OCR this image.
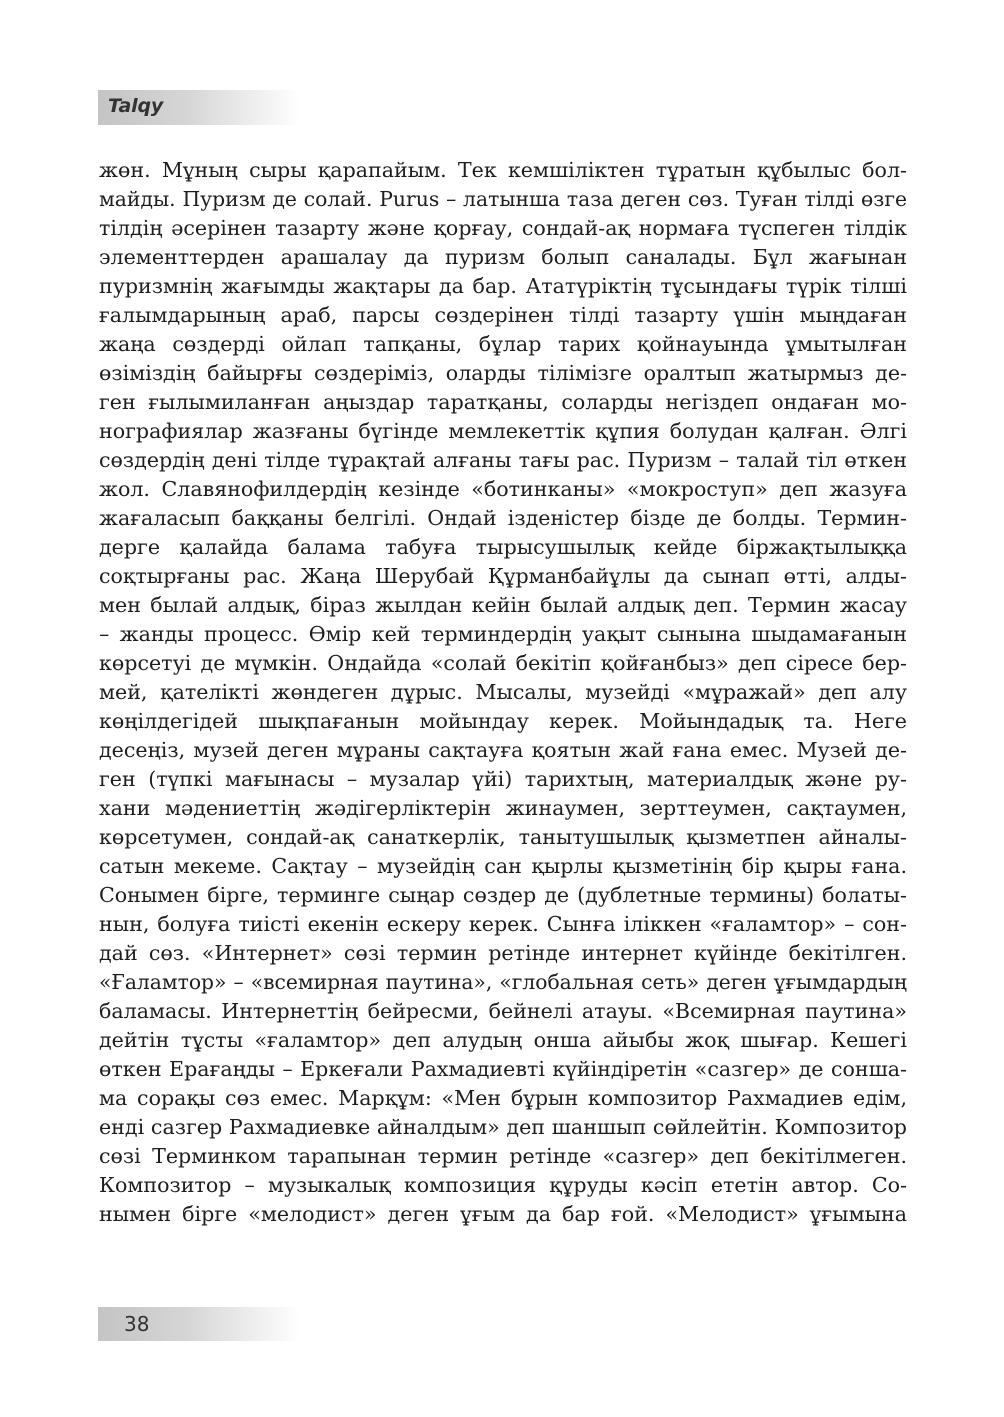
Talqy
жөн. Мұның сыры қарапайым. Тек кемшіліктен тұратын құбылыс бол-
майды. Пуризм де солай. Purus – латынша таза деген сөз. Туған тілді өзге
тілдің әсерінен тазарту және қорғау, сондай-ақ нормаға түспеген тілдік
элементтерден арашалау да пуризм болып саналады. Бұл жағынан
пуризмнің жағымды жақтары да бар. Ататүріктің тұсындағы түрік тілші
ғалымдарының араб, парсы сөздерінен тілді тазарту үшін мыңдаған
жаңа сөздерді ойлап тапқаны, бұлар тарих қойнауында ұмытылған
өзіміздің байырғы сөздеріміз, оларды тілімізге оралтып жатырмыз де-
ген ғылымиланған аңыздар таратқаны, соларды негіздеп ондаған мо-
нографиялар жазғаны бүгінде мемлекеттік құпия болудан қалған. Әлгі
сөздердің дені тілде тұрақтай алғаны тағы рас. Пуризм – талай тіл өткен
жол. Славянофилдердің кезінде «ботинканы» «мокроступ» деп жазуға
жағаласып баққаны белгілі. Ондай ізденістер бізде де болды. Термин-
дерге қалайда балама табуға тырысушылық кейде біржақтылыққа
соқтырғаны рас. Жаңа Шерубай Құрманбайұлы да сынап өтті, алды-
мен былай алдық, біраз жылдан кейін былай алдық деп. Термин жасау
– жанды процесс. Өмір кей терминдердің уақыт сынына шыдамағанын
көрсетуі де мүмкін. Ондайда «солай бекітіп қойғанбыз» деп сіресе бер-
мей, қателікті жөндеген дұрыс. Мысалы, музейді «мұражай» деп алу
көңілдегідей шықпағанын мойындау керек. Мойындадық та. Неге
десеңіз, музей деген мұраны сақтауға қоятын жай ғана емес. Музей де-
ген (түпкі мағынасы – музалар үйі) тарихтың, материалдық және ру-
хани мәдениеттің жәдігерліктерін жинаумен, зерттеумен, сақтаумен,
көрсетумен, сондай-ақ санаткерлік, танытушылық қызметпен айналы-
сатын мекеме. Сақтау – музейдің сан қырлы қызметінің бір қыры ғана.
Сонымен бірге, терминге сыңар сөздер де (дублетные термины) болаты-
нын, болуға тиісті екенін ескеру керек. Сынға іліккен «ғаламтор» – сон-
дай сөз. «Интернет» сөзі термин ретінде интернет күйінде бекітілген.
«Ғаламтор» – «всемирная паутина», «глобальная сеть» деген ұғымдардың
баламасы. Интернеттің бейресми, бейнелі атауы. «Всемирная паутина»
дейтін тұсты «ғаламтор» деп алудың онша айыбы жоқ шығар. Кешегі
өткен Ерағаңды – Еркеғали Рахмадиевті күйіндіретін «сазгер» де сонша-
ма сорақы сөз емес. Марқұм: «Мен бұрын композитор Рахмадиев едім,
енді сазгер Рахмадиевке айналдым» деп шаншып сөйлейтін. Композитор
сөзі Терминком тарапынан термин ретінде «сазгер» деп бекітілмеген.
Композитор – музыкалық композиция құруды кәсіп ететін автор. Со-
нымен бірге «мелодист» деген ұғым да бар ғой. «Мелодист» ұғымына
38
